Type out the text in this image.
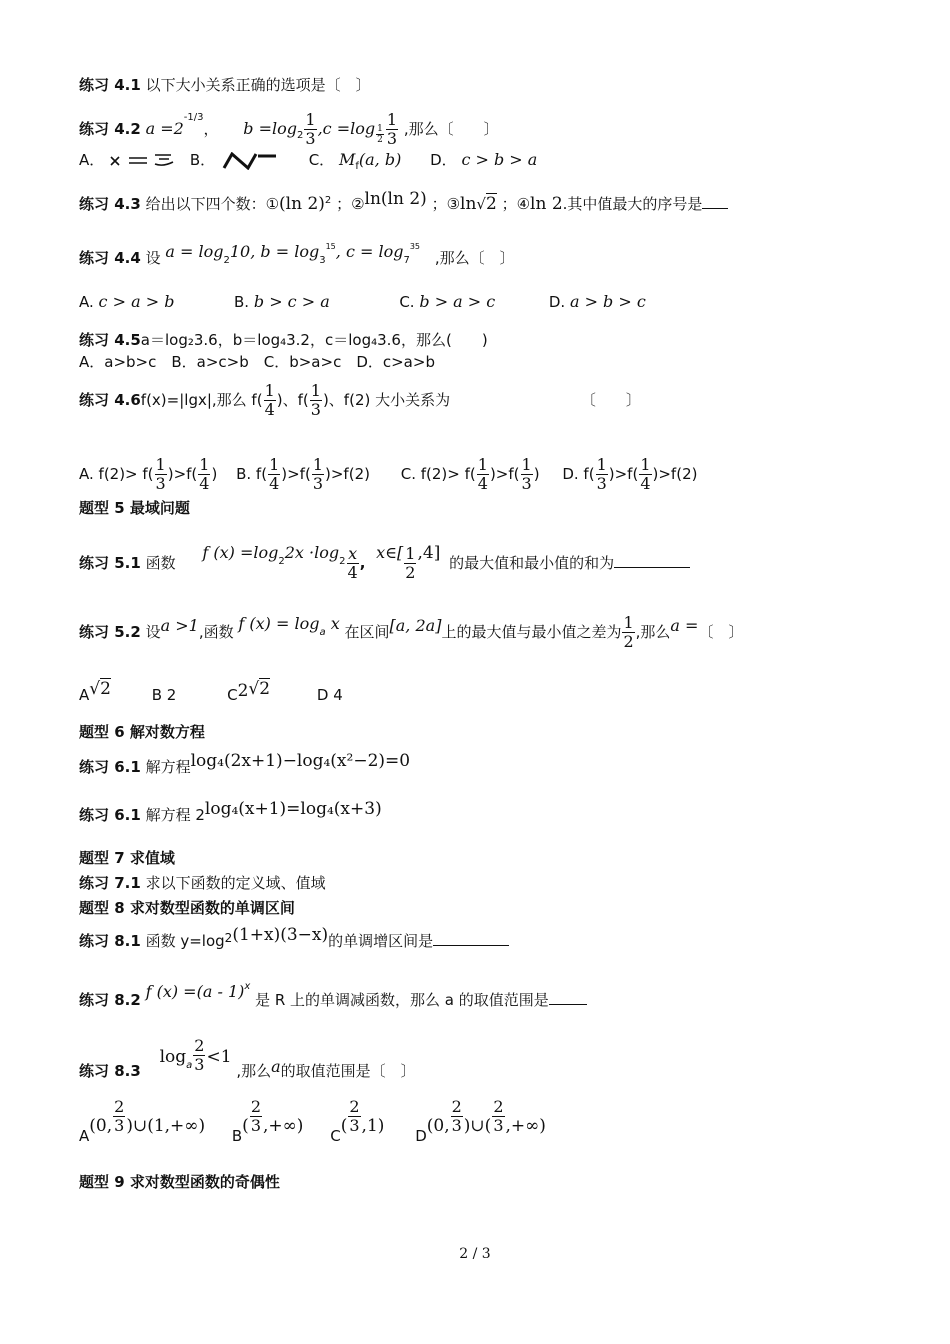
练习 4.1 以下大小关系正确的选项是〔　〕
练习 4.2 $a =2^{-1/3}$， $b =\log_2 \frac{1}{3} ,c =\log \frac{1}{2} \frac{1}{3}$ ,那么〔　　〕
A．	B．	C． $M_f(a$, b) D． c > b > a
练习 4.3 给出以下四个数：①(ln 2)$^2$ ；②ln(ln 2) ；③ln√2 ；④ln 2.其中值最大的序号是
练习 4.4 设 a = log210, $b = \log 3^{15}$, $c = \log 7^{35}$ ,那么〔　〕
A. c > a > b	B. b > c > a	C. b > a > c	D. a > b > c
练习 4.5a＝log₂3.6，b＝log₄3.2，c＝log₄3.6，那么(　　)
A．a>b>c　B．a>c>b　C．b>a>c　D．c>a>b
练习 4.6f(x)=|lgx|,那么 $f( \frac{1}{4}$ )、$f( \frac{1}{3}$ )、f(2) 大小关系为	〔　　〕
A. $f(2)> f( \frac{1}{3} )>f( \frac{1}{4}$ ) B. $f( \frac{1}{4} )>f( \frac{1}{3} )>f(2)$ C. $f(2)> f( \frac{1}{4} )>f( \frac{1}{3}$ ) D. $f( \frac{1}{3} )>f( \frac{1}{4} )>f(2)$
题型 5 最域问题
练习 5.1 函数 f $(x) =\log^22x \cdot\log^2 \frac{x}{4}$ , x∈[ $\frac{1}{2} ,4$] 的最大值和最小值的和为
练习 5.2 设a >1,函数 f $(x) = \log^a x$ 在区间[a, 2a]上的最大值与最小值之差为 $\frac{1}{2}$ ,那么a =〔　〕
A√2	B 2	C2√2	D 4
题型 6 解对数方程
练习 6.1 解方程log₄(2x+1)−log₄(x²−2)=0
练习 6.1 解方程 2log₄(x+1)=log₄(x+3)
题型 7 求值域
练习 7.1 求以下函数的定义域、值域
题型 8 求对数型函数的单调区间
练习 8.1 函数 $y=\log^2(1+x)(3-x)$的单调增区间是
练习 8.2 f (x) =(a - 1)$^x$ 是 R 上的单调减函数，那么 a 的取值范围是
练习 8.3 $\log^a \frac{2}{3} <1$ ,那么a的取值范围是〔　〕
A(0, $\frac{2}{3}$ )∪(1,+∞) $B( \frac{2}{3}$ ,+∞) $C( \frac{2}{3} ,1)$ D(0, $\frac{2}{3}$ )∪( $\frac{2}{3}$ ,+∞)
题型 9 求对数型函数的奇偶性
2 / 3
